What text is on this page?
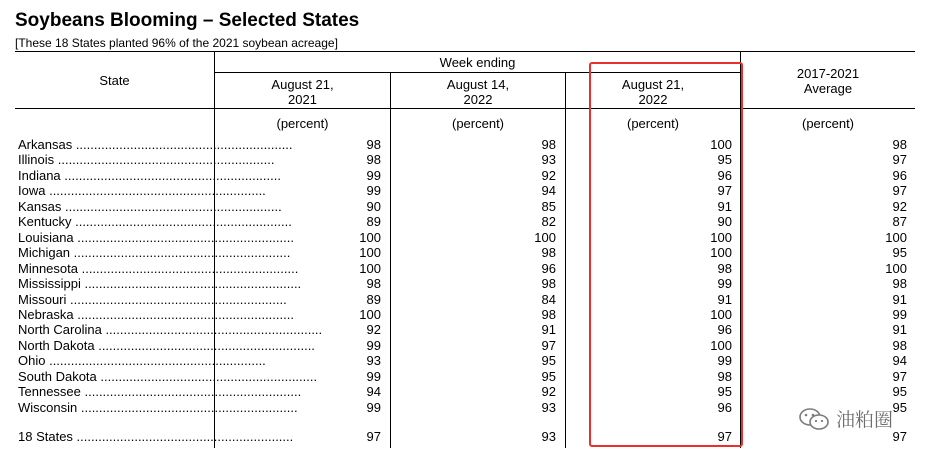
Soybeans Blooming – Selected States
[These 18 States planted 96% of the 2021 soybean acreage]
State
Week ending
August 21,
2021
August 14,
2022
August 21,
2022
2017-2021
Average
(percent)	(percent)	(percent)	(percent)
Arkansas ............................................................	98	98	100	98
Illinois ............................................................	98	93	95	97
Indiana ............................................................	99	92	96	96
Iowa ............................................................	99	94	97	97
Kansas ............................................................	90	85	91	92
Kentucky ............................................................	89	82	90	87
Louisiana ............................................................	100	100	100	100
Michigan ............................................................	100	98	100	95
Minnesota ............................................................	100	96	98	100
Mississippi ............................................................	98	98	99	98
Missouri ............................................................	89	84	91	91
Nebraska ............................................................	100	98	100	99
North Carolina ............................................................	92	91	96	91
North Dakota ............................................................	99	97	100	98
Ohio ............................................................	93	95	99	94
South Dakota ............................................................	99	95	98	97
Tennessee ............................................................	94	92	95	95
Wisconsin ............................................................	99	93	96	95
18 States ............................................................	97	93	97	97
油粕圈
